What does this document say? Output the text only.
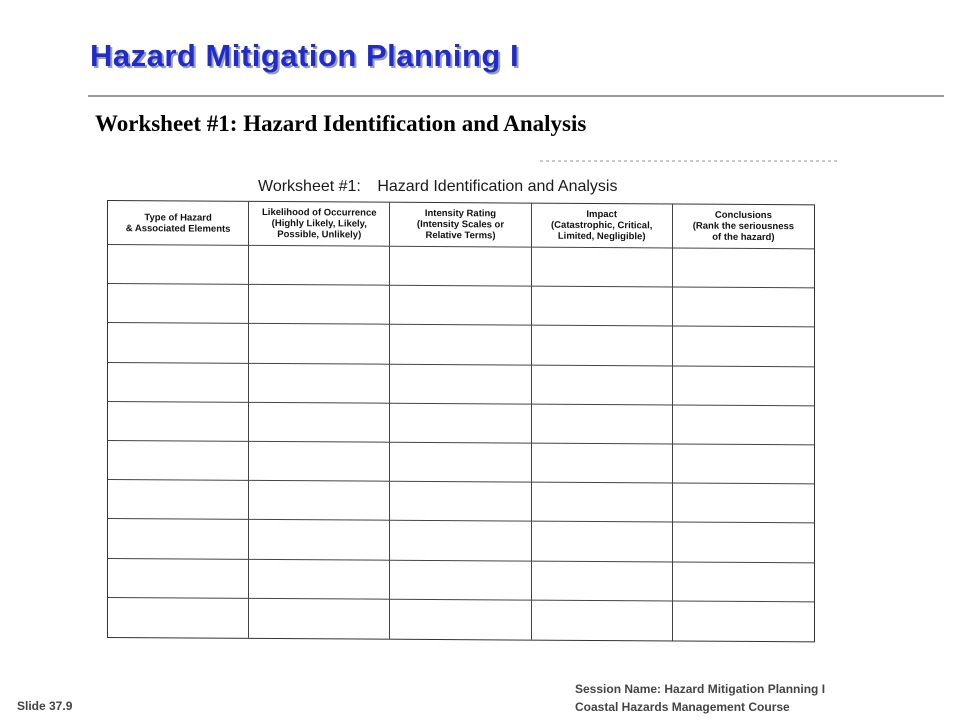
Hazard Mitigation Planning I
Worksheet #1: Hazard Identification and Analysis
Worksheet #1: Hazard Identification and Analysis
Type of Hazard
& Associated Elements
Likelihood of Occurrence
(Highly Likely, Likely,
Possible, Unlikely)
Intensity Rating
(Intensity Scales or
Relative Terms)
Impact
(Catastrophic, Critical,
Limited, Negligible)
Conclusions
(Rank the seriousness
of the hazard)
Slide 37.9
Session Name: Hazard Mitigation Planning I
Coastal Hazards Management Course
